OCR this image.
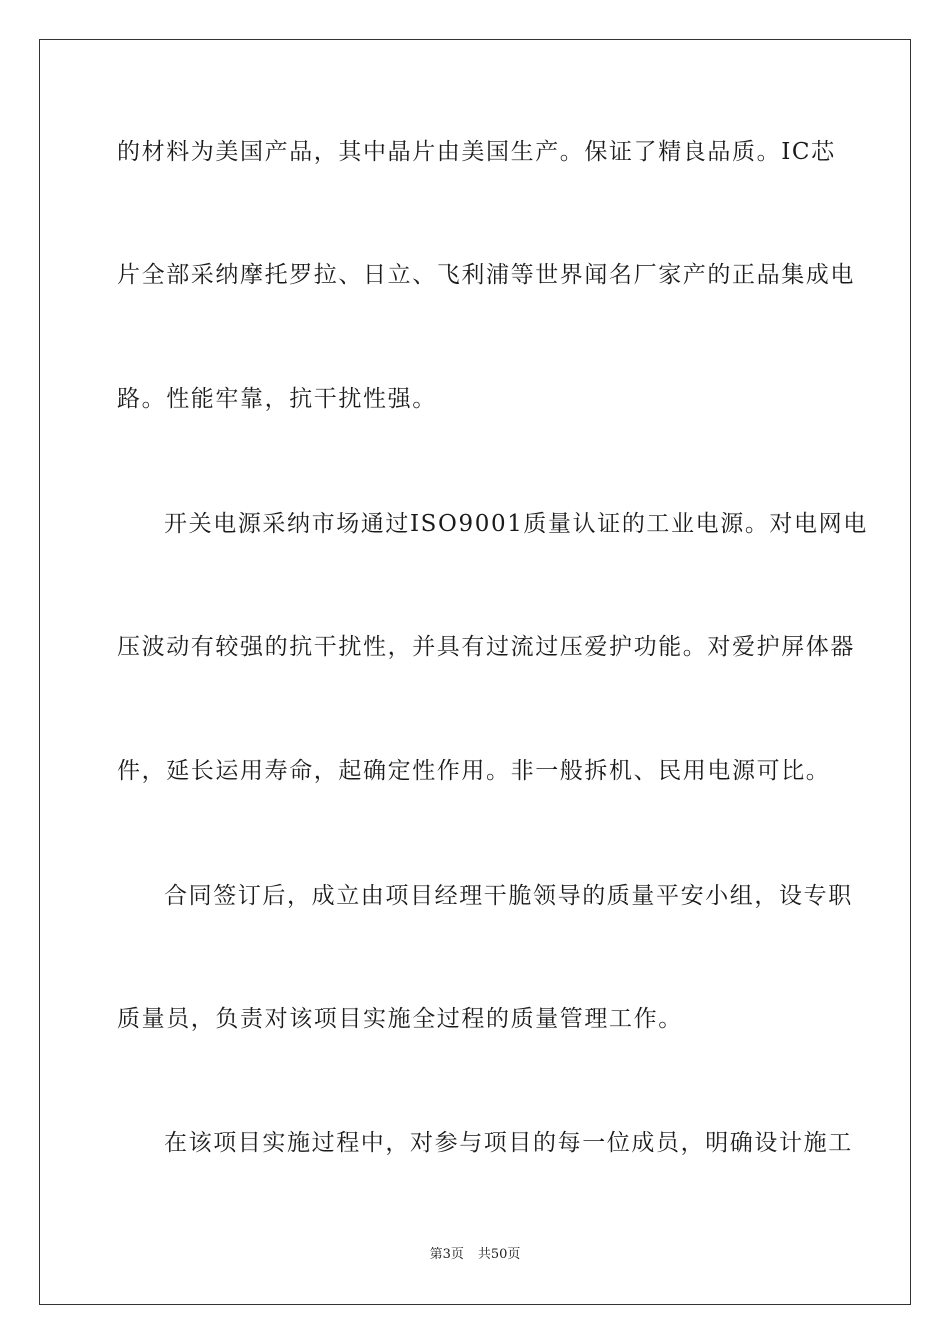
的材料为美国产品，其中晶片由美国生产。保证了精良品质。IC芯
片全部采纳摩托罗拉、日立、飞利浦等世界闻名厂家产的正品集成电
路。性能牢靠，抗干扰性强。
开关电源采纳市场通过ISO9001质量认证的工业电源。对电网电
压波动有较强的抗干扰性，并具有过流过压爱护功能。对爱护屏体器
件，延长运用寿命，起确定性作用。非一般拆机、民用电源可比。
合同签订后，成立由项目经理干脆领导的质量平安小组，设专职
质量员，负责对该项目实施全过程的质量管理工作。
在该项目实施过程中，对参与项目的每一位成员，明确设计施工
第3页 共50页
